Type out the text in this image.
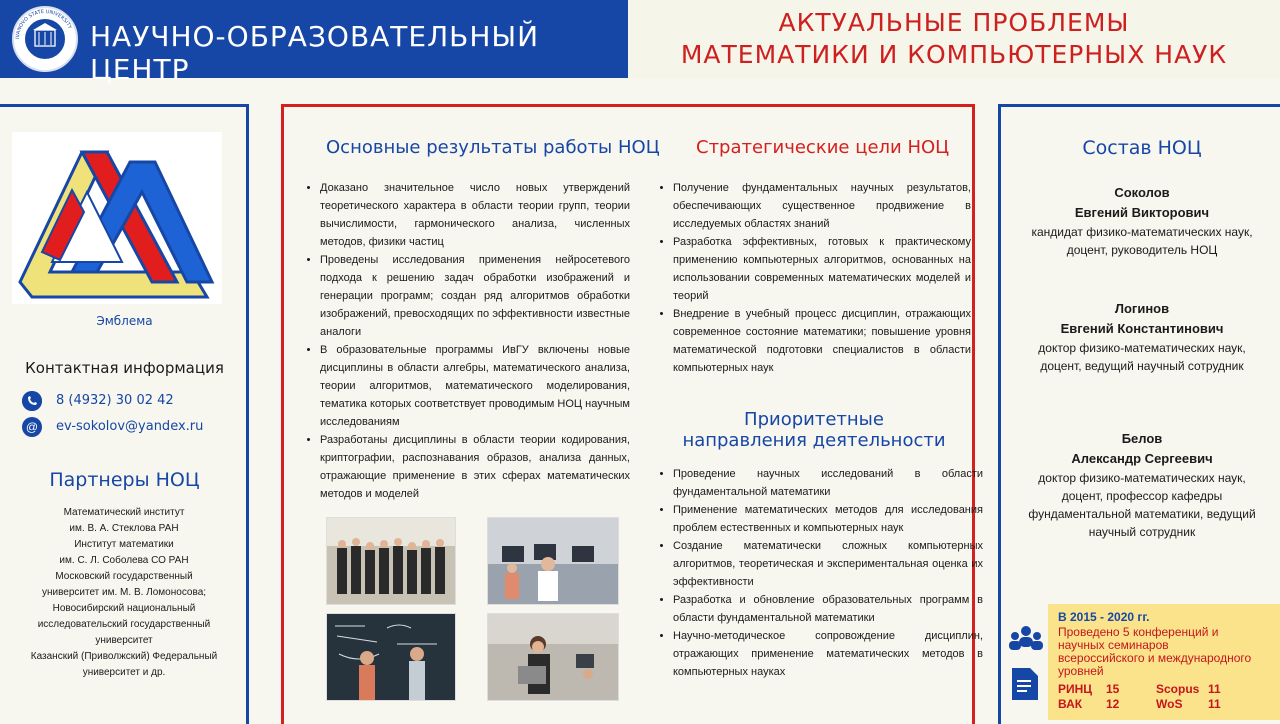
IVANOVO STATE UNIVERSITY НАУЧНО-ОБРАЗОВАТЕЛЬНЫЙ ЦЕНТР
АКТУАЛЬНЫЕ ПРОБЛЕМЫ
МАТЕМАТИКИ И КОМПЬЮТЕРНЫХ НАУК
Эмблема
Контактная информация
8 (4932) 30 02 42
@	ev-sokolov@yandex.ru
Партнеры НОЦ
Математический институт
им. В. А. Стеклова РАН
Институт математики
им. С. Л. Соболева СО РАН
Московский государственный
университет им. М. В. Ломоносова;
Новосибирский национальный
исследовательский государственный
университет
Казанский (Приволжский) Федеральный
университет и др.
Основные результаты работы НОЦ
• Доказано значительное число новых утверждений теоретического характера в области теории групп, теории вычислимости, гармонического анализа, численных методов, физики частиц
• Проведены исследования применения нейросетевого подхода к решению задач обработки изображений и генерации программ; создан ряд алгоритмов обработки изображений, превосходящих по эффективности известные аналоги
• В образовательные программы ИвГУ включены новые дисциплины в области алгебры, математического анализа, теории алгоритмов, математического моделирования, тематика которых соответствует проводимым НОЦ научным исследованиям
• Разработаны дисциплины в области теории кодирования, криптографии, распознавания образов, анализа данных, отражающие применение в этих сферах математических методов и моделей
Стратегические цели НОЦ
• Получение фундаментальных научных результатов, обеспечивающих существенное продвижение в исследуемых областях знаний
• Разработка эффективных, готовых к практическому применению компьютерных алгоритмов, основанных на использовании современных математических моделей и теорий
• Внедрение в учебный процесс дисциплин, отражающих современное состояние математики; повышение уровня математической подготовки специалистов в области компьютерных наук
Приоритетные
направления деятельности
• Проведение научных исследований в области фундаментальной математики
• Применение математических методов для исследования проблем естественных и компьютерных наук
• Создание математически сложных компьютерных алгоритмов, теоретическая и экспериментальная оценка их эффективности
• Разработка и обновление образовательных программ в области фундаментальной математики
• Научно-методическое сопровождение дисциплин, отражающих применение математических методов в компьютерных науках
Состав НОЦ
Соколов
Евгений Викторович
кандидат физико-математических наук, доцент, руководитель НОЦ
Логинов
Евгений Константинович
доктор физико-математических наук, доцент, ведущий научный сотрудник
Белов
Александр Сергеевич
доктор физико-математических наук, доцент, профессор кафедры фундаментальной математики, ведущий научный сотрудник
В 2015 - 2020 гг.
Проведено 5 конференций и научных семинаров всероссийского и международного уровней
РИНЦ 15	Scopus 11
ВАК 12	WoS 11
